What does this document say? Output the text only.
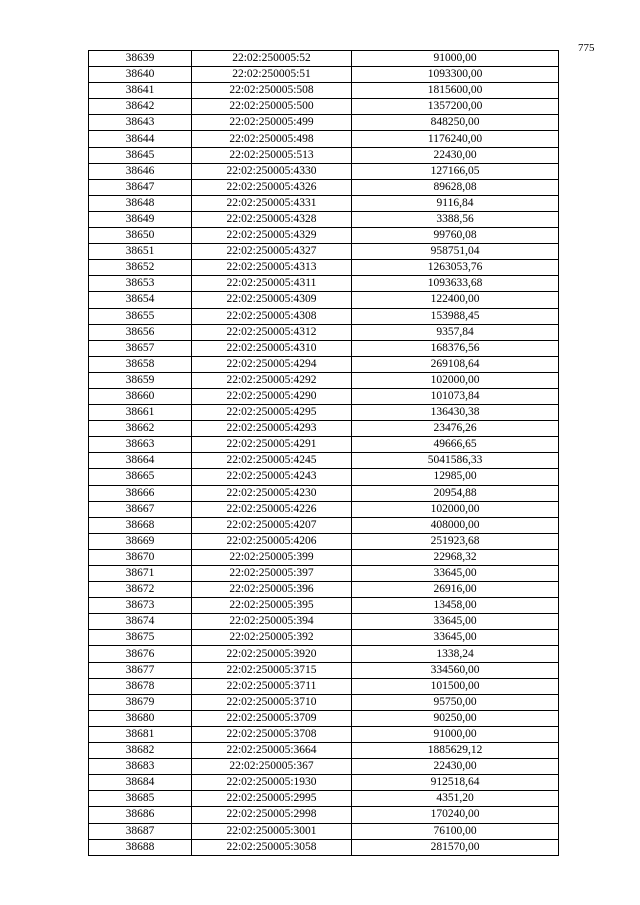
775
38639	22:02:250005:52	91000,00
38640	22:02:250005:51	1093300,00
38641	22:02:250005:508	1815600,00
38642	22:02:250005:500	1357200,00
38643	22:02:250005:499	848250,00
38644	22:02:250005:498	1176240,00
38645	22:02:250005:513	22430,00
38646	22:02:250005:4330	127166,05
38647	22:02:250005:4326	89628,08
38648	22:02:250005:4331	9116,84
38649	22:02:250005:4328	3388,56
38650	22:02:250005:4329	99760,08
38651	22:02:250005:4327	958751,04
38652	22:02:250005:4313	1263053,76
38653	22:02:250005:4311	1093633,68
38654	22:02:250005:4309	122400,00
38655	22:02:250005:4308	153988,45
38656	22:02:250005:4312	9357,84
38657	22:02:250005:4310	168376,56
38658	22:02:250005:4294	269108,64
38659	22:02:250005:4292	102000,00
38660	22:02:250005:4290	101073,84
38661	22:02:250005:4295	136430,38
38662	22:02:250005:4293	23476,26
38663	22:02:250005:4291	49666,65
38664	22:02:250005:4245	5041586,33
38665	22:02:250005:4243	12985,00
38666	22:02:250005:4230	20954,88
38667	22:02:250005:4226	102000,00
38668	22:02:250005:4207	408000,00
38669	22:02:250005:4206	251923,68
38670	22:02:250005:399	22968,32
38671	22:02:250005:397	33645,00
38672	22:02:250005:396	26916,00
38673	22:02:250005:395	13458,00
38674	22:02:250005:394	33645,00
38675	22:02:250005:392	33645,00
38676	22:02:250005:3920	1338,24
38677	22:02:250005:3715	334560,00
38678	22:02:250005:3711	101500,00
38679	22:02:250005:3710	95750,00
38680	22:02:250005:3709	90250,00
38681	22:02:250005:3708	91000,00
38682	22:02:250005:3664	1885629,12
38683	22:02:250005:367	22430,00
38684	22:02:250005:1930	912518,64
38685	22:02:250005:2995	4351,20
38686	22:02:250005:2998	170240,00
38687	22:02:250005:3001	76100,00
38688	22:02:250005:3058	281570,00
